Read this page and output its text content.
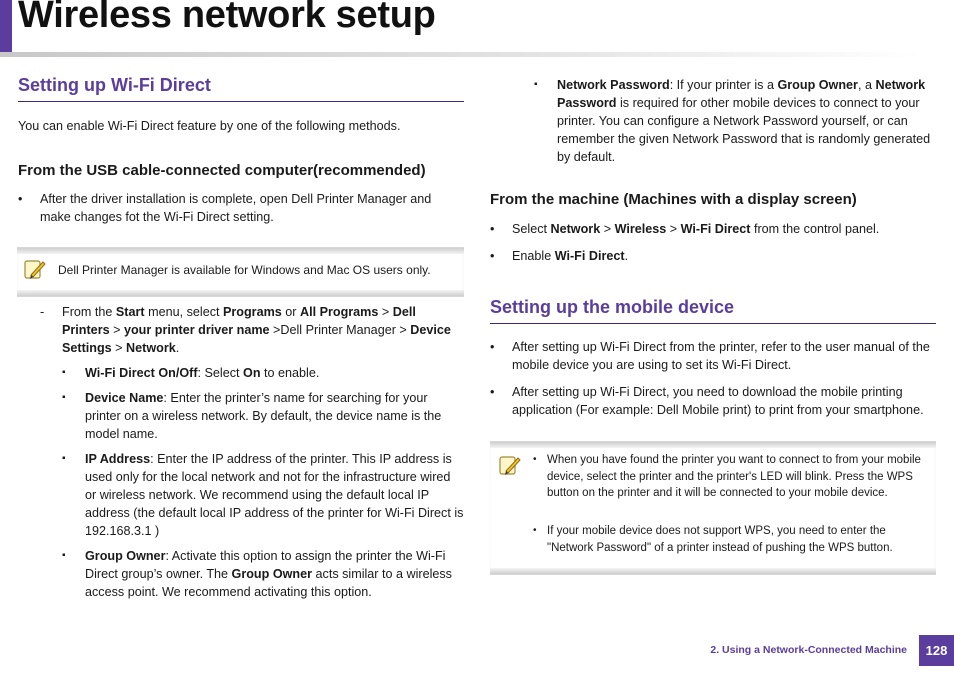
Wireless network setup
Setting up Wi-Fi Direct

You can enable Wi-Fi Direct feature by one of the following methods.

From the USB cable-connected computer(recommended)
• After the driver installation is complete, open Dell Printer Manager and make changes fot the Wi-Fi Direct setting.
Dell Printer Manager is available for Windows and Mac OS users only.
- From the Start menu, select Programs or All Programs > Dell Printers > your printer driver name >Dell Printer Manager > Device Settings > Network.
▪ Wi-Fi Direct On/Off: Select On to enable.
▪ Device Name: Enter the printer’s name for searching for your printer on a wireless network. By default, the device name is the model name.
▪ IP Address: Enter the IP address of the printer. This IP address is used only for the local network and not for the infrastructure wired or wireless network. We recommend using the default local IP address (the default local IP address of the printer for Wi-Fi Direct is 192.168.3.1 )
▪ Group Owner: Activate this option to assign the printer the Wi-Fi Direct group’s owner. The Group Owner acts similar to a wireless access point. We recommend activating this option.
▪ Network Password: If your printer is a Group Owner, a Network Password is required for other mobile devices to connect to your printer. You can configure a Network Password yourself, or can remember the given Network Password that is randomly generated by default.
From the machine (Machines with a display screen)
• Select Network > Wireless > Wi-Fi Direct from the control panel.
• Enable Wi-Fi Direct.
Setting up the mobile device
• After setting up Wi-Fi Direct from the printer, refer to the user manual of the mobile device you are using to set its Wi-Fi Direct.
• After setting up Wi-Fi Direct, you need to download the mobile printing application (For example: Dell Mobile print) to print from your smartphone.
• When you have found the printer you want to connect to from your mobile device, select the printer and the printer's LED will blink. Press the WPS button on the printer and it will be connected to your mobile device.
• If your mobile device does not support WPS, you need to enter the "Network Password" of a printer instead of pushing the WPS button.
2. Using a Network-Connected Machine	128
